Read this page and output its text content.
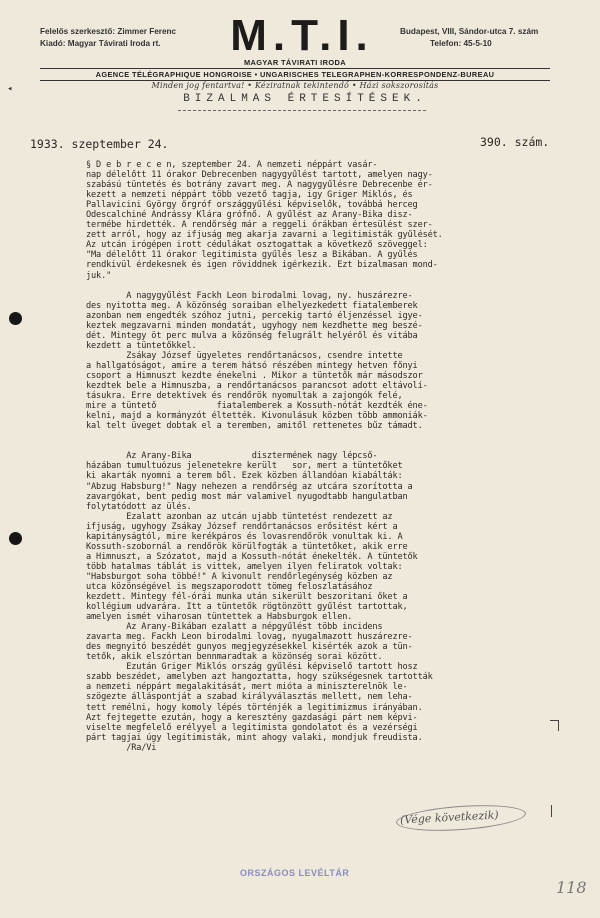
Felelős szerkesztő: Zimmer Ferenc
Kiadó: Magyar Távirati Iroda rt.	M.T.I.	Budapest, VIII, Sándor-utca 7. szám
Telefon: 45-5-10
MAGYAR TÁVIRATI IRODA
AGENCE TÉLÉGRAPHIQUE HONGROISE • UNGARISCHES TELEGRAPHEN-KORRESPONDENZ-BUREAU
Minden jog fentartva! • Kéziratnak tekintendő • Házi sokszorosítás
◂
BIZALMAS ÉRTESÍTÉSEK.
1933. szeptember 24.	390. szám.
§ D e b r e c e n, szeptember 24. A nemzeti néppárt vasár-
nap délelőtt 11 órakor Debrecenben nagygyűlést tartott, amelyen nagy-
szabású tüntetés és botrány zavart meg. A nagygyűlésre Debrecenbe ér-
kezett a nemzeti néppárt több vezető tagja, igy Griger Miklós, és
Pallavicini György őrgróf országgyűlési képviselők, továbbá herceg
Odescalchiné Andrássy Klára grófnő. A gyűlést az Arany-Bika disz-
termébe hirdették. A rendőrség már a reggeli órákban értesülést szer-
zett arról, hogy az ifjuság meg akarja zavarni a legitimisták gyűlését.
Az utcán irógépen irott cédulákat osztogattak a következő szöveggel:
"Ma délelőtt 11 órakor legitimista gyűlés lesz a Bikában. A gyűlés
rendkivül érdekesnek és igen röviddnek igérkezik. Ezt bizalmasan mond-
juk."

A nagygyűlést Fackh Leon birodalmi lovag, ny. huszárezre-
des nyitotta meg. A közönség soraiban elhelyezkedett fiatalemberek
azonban nem engedték szóhoz jutni, percekig tartó éljenzéssel igye-
keztek megzavarni minden mondatát, ugyhogy nem kezdhette meg beszé-
dét. Mintegy öt perc mulva a közönség felugrált helyéről és vitába
kezdett a tüntetőkkel.
Zsákay József ügyeletes rendőrtanácsos, csendre intette
a hallgatóságot, amire a terem hátsó részében mintegy hetven főnyi
csoport a Himnuszt kezdte énekelni . Mikor a tüntetők már másodszor
kezdtek bele a Himnuszba, a rendőrtanácsos parancsot adott eltávolí-
tásukra. Erre detektivek és rendőrök nyomultak a zajongók felé,
mire a tüntető            fiatalemberek a Kossuth-nótát kezdték éne-
kelni, majd a kormányzót éltették. Kivonulásuk közben több ammoniák-
kal telt üveget dobtak el a teremben, amitől rettenetes bűz támadt.

Az Arany-Bika            disztermének nagy lépcső-
házában tumultuózus jelenetekre került   sor, mert a tüntetőket
ki akarták nyomni a terem ből. Ezek közben állandóan kiabálták:
"Abzug Habsburg!" Nagy nehezen a rendőrség az utcára szorította a
zavargókat, bent pedig most már valamivel nyugodtabb hangulatban
folytatódott az ülés.
Ezalatt azonban az utcán ujabb tüntetést rendezett az
ifjuság, ugyhogy Zsákay József rendőrtanácsos erősitést kért a
kapitányságtól, mire kerékpáros és lovasrendőrök vonultak ki. A
Kossuth-szobornál a rendőrök körülfogták a tüntetőket, akik erre
a Himnuszt, a Szózatot, majd a Kossuth-nótát énekelték. A tüntetők
több hatalmas táblát is vittek, amelyen ilyen feliratok voltak:
"Habsburgot soha többé!" A kivonult rendőrlegénység közben az
utca közönségével is megszaporodott tömeg feloszlatásához
kezdett. Mintegy fél-órái munka után sikerült beszoritani őket a
kollégium udvarára. Itt a tüntetők rögtönzött gyűlést tartottak,
amelyen ismét viharosan tüntettek a Habsburgok ellen.
Az Arany-Bikában ezalatt a népgyűlést több incidens
zavarta meg. Fackh Leon birodalmi lovag, nyugalmazott huszárezre-
des megnyitó beszédét gunyos megjegyzésekkel kisérték azok a tün-
tetők, akik elszórtan bennmaradtak a közönség sorai között.
Ezután Griger Miklós ország gyűlési képviselő tartott hosz
szabb beszédet, amelyben azt hangoztatta, hogy szükségesnek tartották
a nemzeti néppárt megalakitását, mert mióta a miniszterelnök le-
szögezte álláspontját a szabad királyválasztás mellett, nem leha-
tett remélni, hogy komoly lépés történjék a legitimizmus irányában.
Azt fejtegette ezután, hogy a keresztény gazdasági párt nem képvi-
viselte megfelelő erélyyel a legitimista gondolatot és a vezérségi
párt tagjai úgy legitimisták, mint ahogy valaki, mondjuk freudista.
/Ra/Vi
(Vége következik)
ORSZÁGOS LEVÉLTÁR
118
